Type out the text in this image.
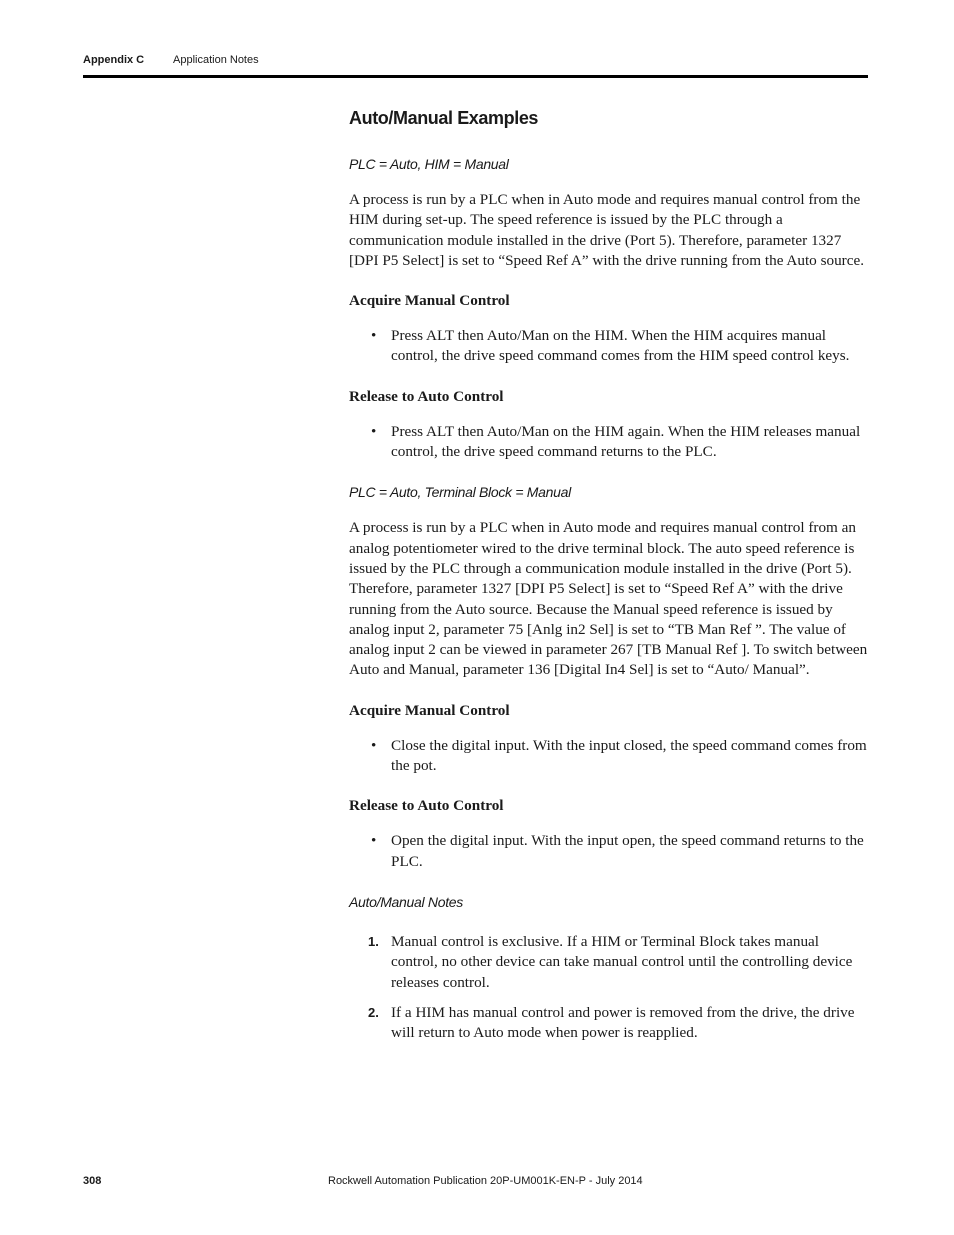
Appendix C	Application Notes
Auto/Manual Examples
PLC = Auto, HIM = Manual

A process is run by a PLC when in Auto mode and requires manual control from the HIM during set-up. The speed reference is issued by the PLC through a communication module installed in the drive (Port 5). Therefore, parameter 1327 [DPI P5 Select] is set to “Speed Ref A” with the drive running from the Auto source.

Acquire Manual Control
• Press ALT then Auto/Man on the HIM. When the HIM acquires manual control, the drive speed command comes from the HIM speed control keys.
Release to Auto Control
• Press ALT then Auto/Man on the HIM again. When the HIM releases manual control, the drive speed command returns to the PLC.
PLC = Auto, Terminal Block = Manual

A process is run by a PLC when in Auto mode and requires manual control from an analog potentiometer wired to the drive terminal block. The auto speed reference is issued by the PLC through a communication module installed in the drive (Port 5). Therefore, parameter 1327 [DPI P5 Select] is set to “Speed Ref A” with the drive running from the Auto source. Because the Manual speed reference is issued by analog input 2, parameter 75 [Anlg in2 Sel] is set to “TB Man Ref ”. The value of analog input 2 can be viewed in parameter 267 [TB Manual Ref ]. To switch between Auto and Manual, parameter 136 [Digital In4 Sel] is set to “Auto/ Manual”.

Acquire Manual Control
• Close the digital input. With the input closed, the speed command comes from the pot.
Release to Auto Control
• Open the digital input. With the input open, the speed command returns to the PLC.
Auto/Manual Notes
1. Manual control is exclusive. If a HIM or Terminal Block takes manual control, no other device can take manual control until the controlling device releases control.
2. If a HIM has manual control and power is removed from the drive, the drive will return to Auto mode when power is reapplied.
308	Rockwell Automation Publication 20P-UM001K-EN-P - July 2014
